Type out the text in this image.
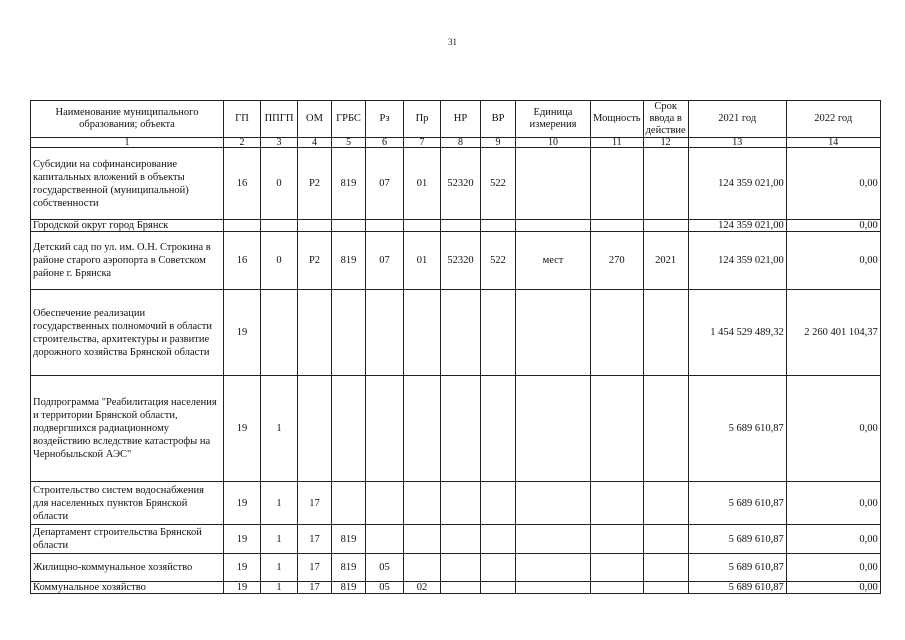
31
Наименование муниципального образования; объекта	ГП	ППГП	ОМ	ГРБС	Рз	Пр	НР	ВР	Единица измерения	Мощность	Срок ввода в действие	2021 год	2022 год
1	2	3	4	5	6	7	8	9	10	11	12	13	14
Субсидии на софинансирование капитальных вложений в объекты государственной (муниципальной) собственности	16	0	Р2	819	07	01	52320	522				124 359 021,00	0,00
Городской округ город Брянск												124 359 021,00	0,00
Детский сад по ул. им. О.Н. Строкина в районе старого аэропорта в Советском районе г. Брянска	16	0	Р2	819	07	01	52320	522	мест	270	2021	124 359 021,00	0,00
Обеспечение реализации государственных полномочий в области строительства, архитектуры и развитие дорожного хозяйства Брянской области	19											1 454 529 489,32	2 260 401 104,37
Подпрограмма "Реабилитация населения и территории Брянской области, подвергшихся радиационному воздействию вследствие катастрофы на Чернобыльской АЭС"	19	1										5 689 610,87	0,00
Строительство систем водоснабжения для населенных пунктов Брянской области	19	1	17									5 689 610,87	0,00
Департамент строительства Брянской области	19	1	17	819								5 689 610,87	0,00
Жилищно-коммунальное хозяйство	19	1	17	819	05							5 689 610,87	0,00
Коммунальное хозяйство	19	1	17	819	05	02						5 689 610,87	0,00
